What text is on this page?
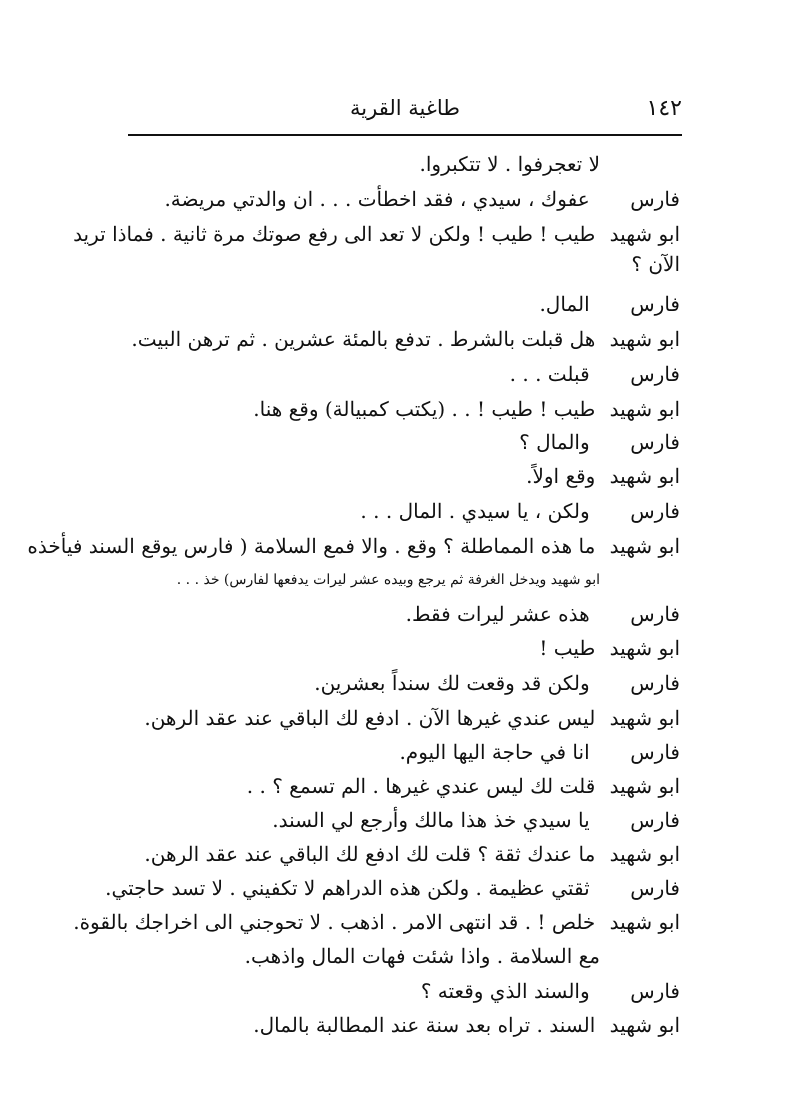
١٤٢
طاغية القرية
لا تعجرفوا . لا تتكبروا.
فارس عفوك ، سيدي ، فقد اخطأت . . . ان والدتي مريضة.
ابو شهيد طيب ! طيب ! ولكن لا تعد الى رفع صوتك مرة ثانية . فماذا تريد
الآن ؟
فارس المال.
ابو شهيد هل قبلت بالشرط . تدفع بالمئة عشرين . ثم ترهن البيت.
فارس قبلت . . .
ابو شهيد طيب ! طيب ! . . (يكتب كمبيالة) وقع هنا.
فارس والمال ؟
ابو شهيد وقع اولاً.
فارس ولكن ، يا سيدي . المال . . .
ابو شهيد ما هذه المماطلة ؟ وقع . والا فمع السلامة ( فارس يوقع السند فيأخذه
ابو شهيد ويدخل الغرفة ثم يرجع وبيده عشر ليرات يدفعها لفارس) خذ . . .
فارس هذه عشر ليرات فقط.
ابو شهيد طيب !
فارس ولكن قد وقعت لك سنداً بعشرين.
ابو شهيد ليس عندي غيرها الآن . ادفع لك الباقي عند عقد الرهن.
فارس انا في حاجة اليها اليوم.
ابو شهيد قلت لك ليس عندي غيرها . الم تسمع ؟ . .
فارس يا سيدي خذ هذا مالك وأرجع لي السند.
ابو شهيد ما عندك ثقة ؟ قلت لك ادفع لك الباقي عند عقد الرهن.
فارس ثقتي عظيمة . ولكن هذه الدراهم لا تكفيني . لا تسد حاجتي.
ابو شهيد خلص ! . قد انتهى الامر . اذهب . لا تحوجني الى اخراجك بالقوة.
مع السلامة . واذا شئت فهات المال واذهب.
فارس والسند الذي وقعته ؟
ابو شهيد السند . تراه بعد سنة عند المطالبة بالمال.
